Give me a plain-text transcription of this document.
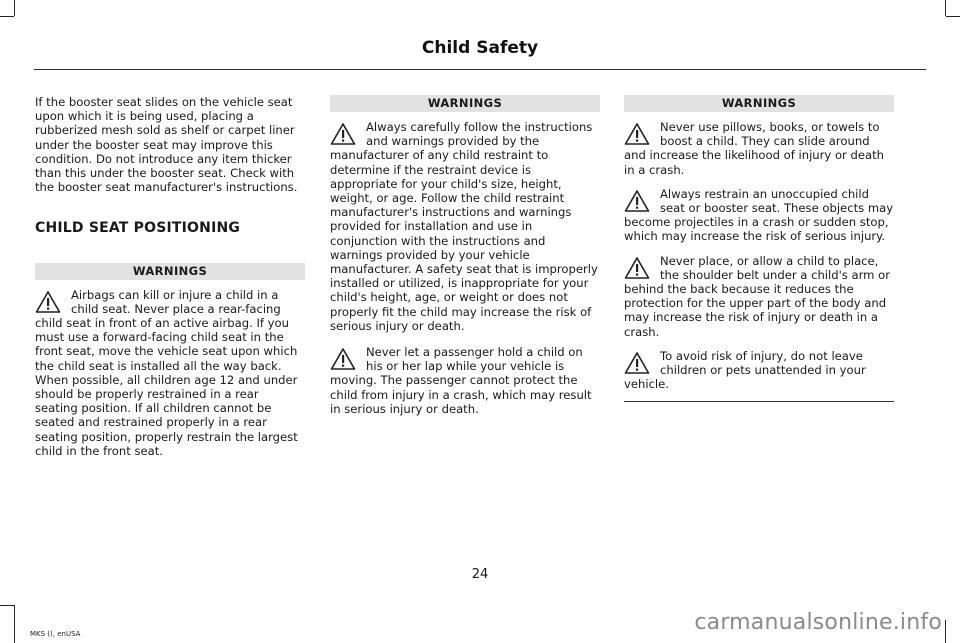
Child Safety

If the booster seat slides on the vehicle seat upon which it is being used, placing a rubberized mesh sold as shelf or carpet liner under the booster seat may improve this condition. Do not introduce any item thicker than this under the booster seat. Check with the booster seat manufacturer's instructions.

CHILD SEAT POSITIONING
WARNINGS

Airbags can kill or injure a child in a child seat. Never place a rear-facing child seat in front of an active airbag. If you must use a forward-facing child seat in the front seat, move the vehicle seat upon which the child seat is installed all the way back. When possible, all children age 12 and under should be properly restrained in a rear seating position. If all children cannot be seated and restrained properly in a rear seating position, properly restrain the largest child in the front seat.

WARNINGS

Always carefully follow the instructions and warnings provided by the manufacturer of any child restraint to determine if the restraint device is appropriate for your child's size, height, weight, or age. Follow the child restraint manufacturer's instructions and warnings provided for installation and use in conjunction with the instructions and warnings provided by your vehicle manufacturer. A safety seat that is improperly installed or utilized, is inappropriate for your child's height, age, or weight or does not properly fit the child may increase the risk of serious injury or death.

Never let a passenger hold a child on his or her lap while your vehicle is moving. The passenger cannot protect the child from injury in a crash, which may result in serious injury or death.

WARNINGS

Never use pillows, books, or towels to boost a child. They can slide around and increase the likelihood of injury or death in a crash.

Always restrain an unoccupied child seat or booster seat. These objects may become projectiles in a crash or sudden stop, which may increase the risk of serious injury.

Never place, or allow a child to place, the shoulder belt under a child's arm or behind the back because it reduces the protection for the upper part of the body and may increase the risk of injury or death in a crash.

To avoid risk of injury, do not leave children or pets unattended in your vehicle.

24
MKS (), enUSA	carmanualsonline.info
